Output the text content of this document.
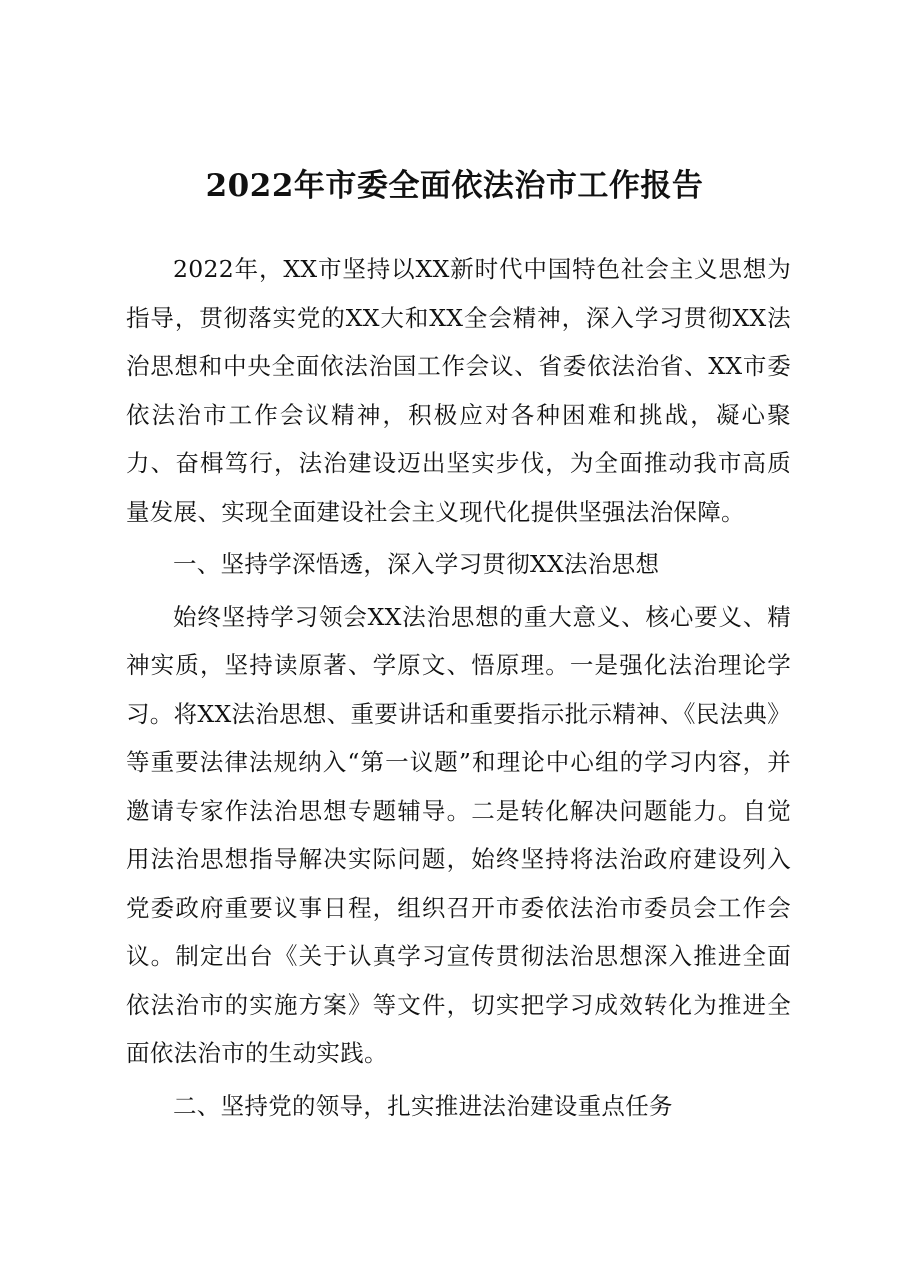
2022年市委全面依法治市工作报告

2022年，XX市坚持以XX新时代中国特色社会主义思想为指导，贯彻落实党的XX大和XX全会精神，深入学习贯彻XX法治思想和中央全面依法治国工作会议、省委依法治省、XX市委依法治市工作会议精神，积极应对各种困难和挑战，凝心聚力、奋楫笃行，法治建设迈出坚实步伐，为全面推动我市高质量发展、实现全面建设社会主义现代化提供坚强法治保障。

一、坚持学深悟透，深入学习贯彻XX法治思想

始终坚持学习领会XX法治思想的重大意义、核心要义、精神实质，坚持读原著、学原文、悟原理。一是强化法治理论学习。将XX法治思想、重要讲话和重要指示批示精神、《民法典》等重要法律法规纳入“第一议题”和理论中心组的学习内容，并邀请专家作法治思想专题辅导。二是转化解决问题能力。自觉用法治思想指导解决实际问题，始终坚持将法治政府建设列入党委政府重要议事日程，组织召开市委依法治市委员会工作会议。制定出台《关于认真学习宣传贯彻法治思想深入推进全面依法治市的实施方案》等文件，切实把学习成效转化为推进全面依法治市的生动实践。

二、坚持党的领导，扎实推进法治建设重点任务
